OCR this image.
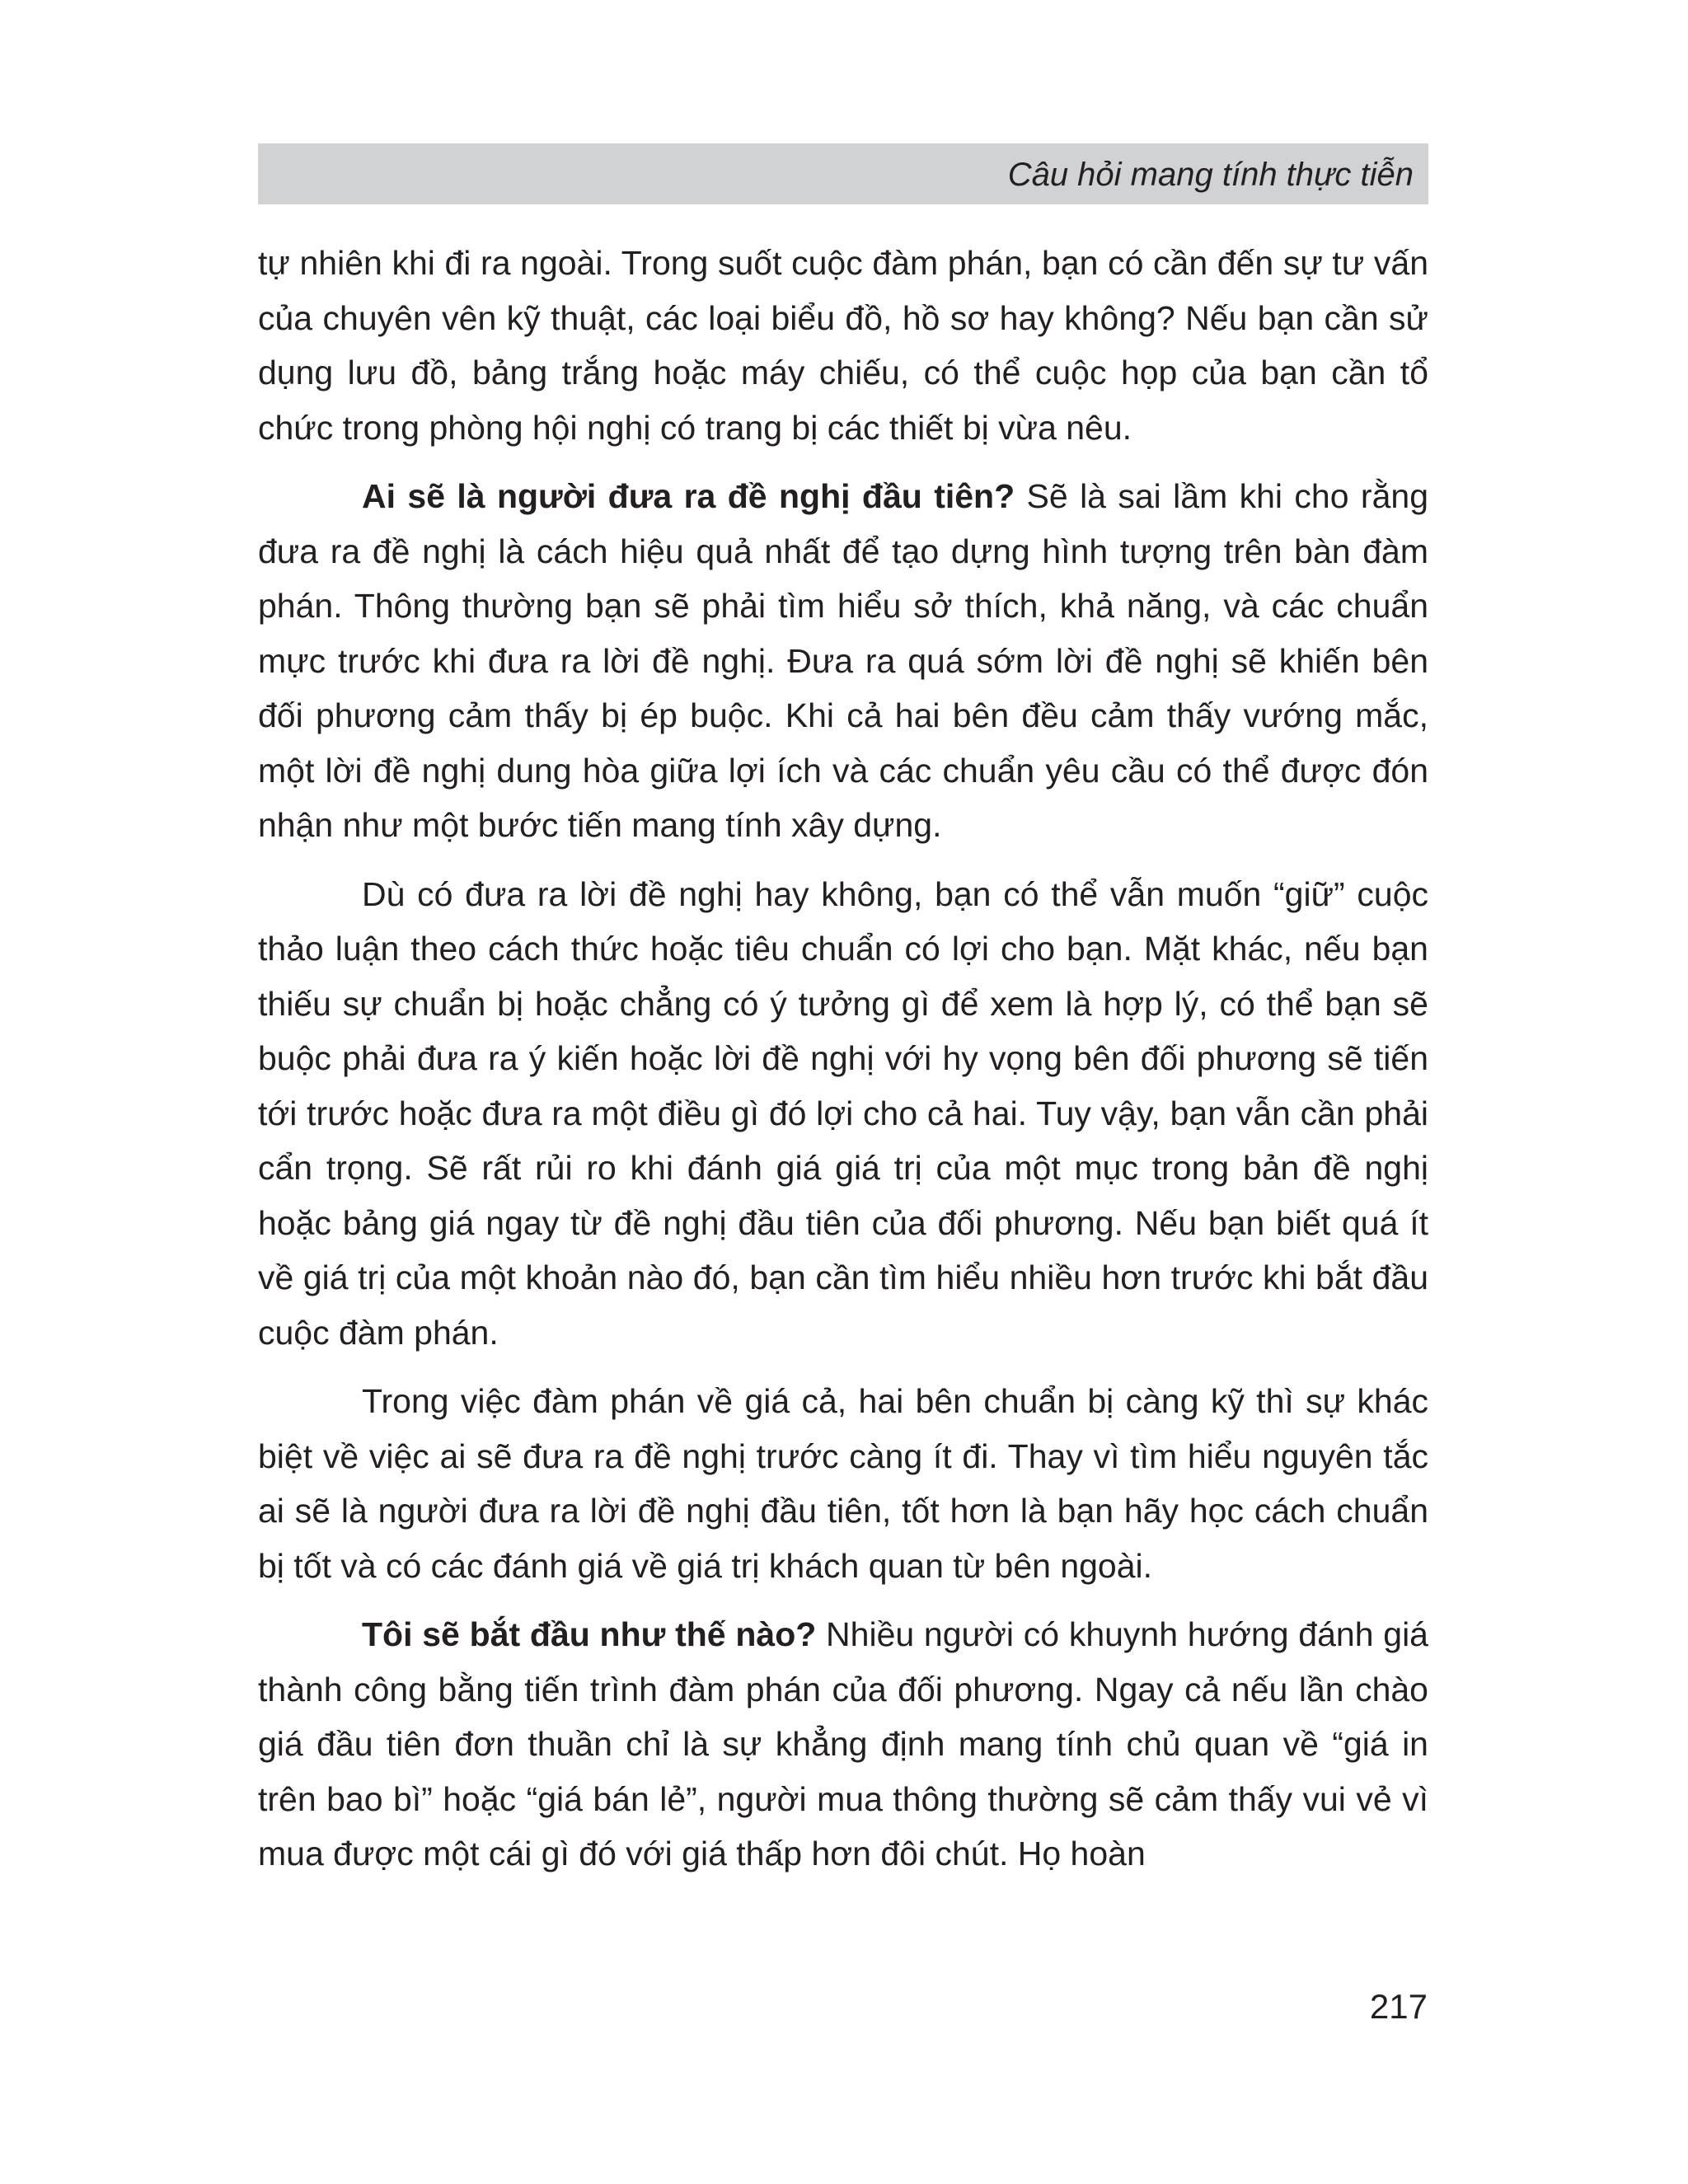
Câu hỏi mang tính thực tiễn

tự nhiên khi đi ra ngoài. Trong suốt cuộc đàm phán, bạn có cần đến sự tư vấn của chuyên vên kỹ thuật, các loại biểu đồ, hồ sơ hay không? Nếu bạn cần sử dụng lưu đồ, bảng trắng hoặc máy chiếu, có thể cuộc họp của bạn cần tổ chức trong phòng hội nghị có trang bị các thiết bị vừa nêu.

Ai sẽ là người đưa ra đề nghị đầu tiên? Sẽ là sai lầm khi cho rằng đưa ra đề nghị là cách hiệu quả nhất để tạo dựng hình tượng trên bàn đàm phán. Thông thường bạn sẽ phải tìm hiểu sở thích, khả năng, và các chuẩn mực trước khi đưa ra lời đề nghị. Đưa ra quá sớm lời đề nghị sẽ khiến bên đối phương cảm thấy bị ép buộc. Khi cả hai bên đều cảm thấy vướng mắc, một lời đề nghị dung hòa giữa lợi ích và các chuẩn yêu cầu có thể được đón nhận như một bước tiến mang tính xây dựng.

Dù có đưa ra lời đề nghị hay không, bạn có thể vẫn muốn “giữ” cuộc thảo luận theo cách thức hoặc tiêu chuẩn có lợi cho bạn. Mặt khác, nếu bạn thiếu sự chuẩn bị hoặc chẳng có ý tưởng gì để xem là hợp lý, có thể bạn sẽ buộc phải đưa ra ý kiến hoặc lời đề nghị với hy vọng bên đối phương sẽ tiến tới trước hoặc đưa ra một điều gì đó lợi cho cả hai. Tuy vậy, bạn vẫn cần phải cẩn trọng. Sẽ rất rủi ro khi đánh giá giá trị của một mục trong bản đề nghị hoặc bảng giá ngay từ đề nghị đầu tiên của đối phương. Nếu bạn biết quá ít về giá trị của một khoản nào đó, bạn cần tìm hiểu nhiều hơn trước khi bắt đầu cuộc đàm phán.

Trong việc đàm phán về giá cả, hai bên chuẩn bị càng kỹ thì sự khác biệt về việc ai sẽ đưa ra đề nghị trước càng ít đi. Thay vì tìm hiểu nguyên tắc ai sẽ là người đưa ra lời đề nghị đầu tiên, tốt hơn là bạn hãy học cách chuẩn bị tốt và có các đánh giá về giá trị khách quan từ bên ngoài.

Tôi sẽ bắt đầu như thế nào? Nhiều người có khuynh hướng đánh giá thành công bằng tiến trình đàm phán của đối phương. Ngay cả nếu lần chào giá đầu tiên đơn thuần chỉ là sự khẳng định mang tính chủ quan về “giá in trên bao bì” hoặc “giá bán lẻ”, người mua thông thường sẽ cảm thấy vui vẻ vì mua được một cái gì đó với giá thấp hơn đôi chút. Họ hoàn

217
